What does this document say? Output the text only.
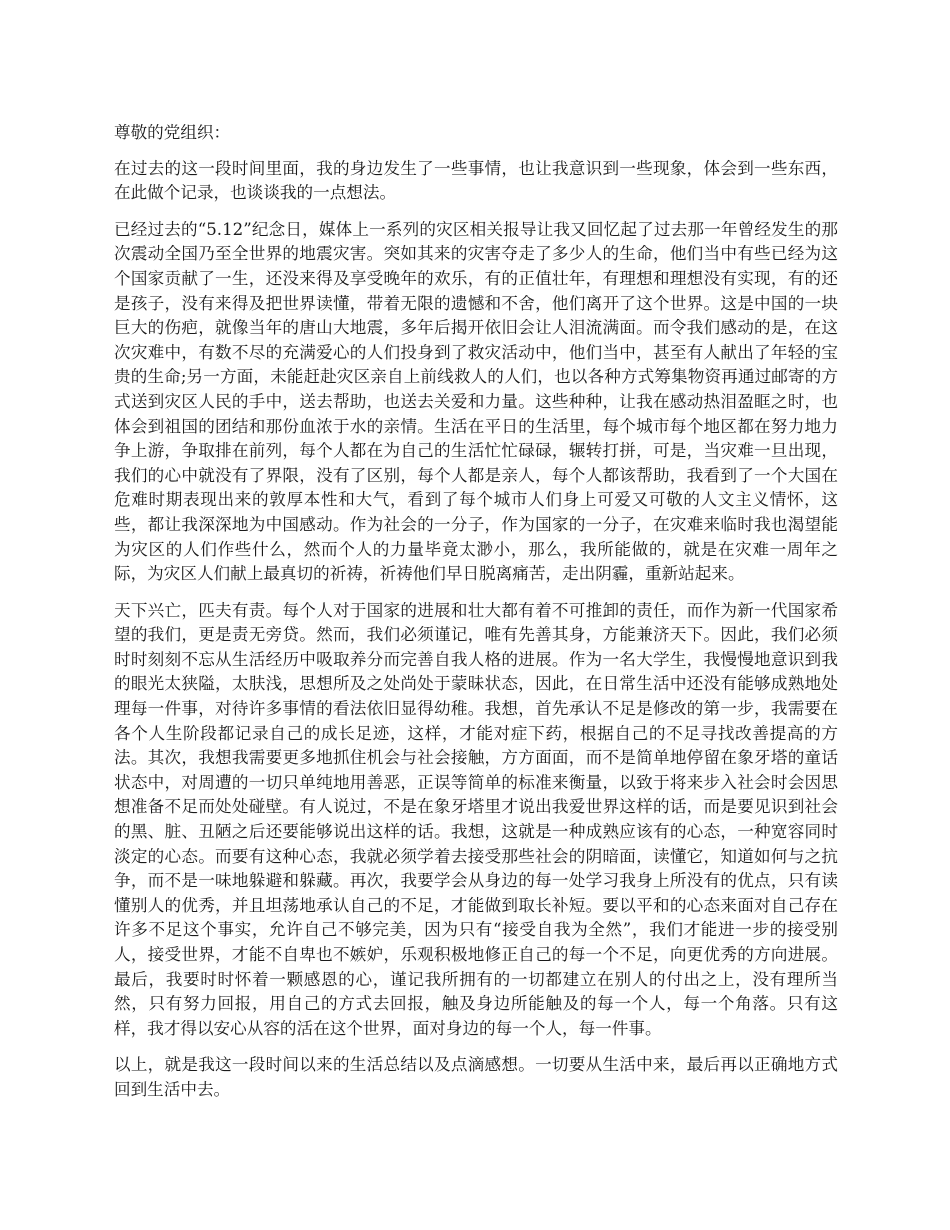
尊敬的党组织：

在过去的这一段时间里面，我的身边发生了一些事情，也让我意识到一些现象，体会到一些东西，在此做个记录，也谈谈我的一点想法。

已经过去的“5.12”纪念日，媒体上一系列的灾区相关报导让我又回忆起了过去那一年曾经发生的那次震动全国乃至全世界的地震灾害。突如其来的灾害夺走了多少人的生命，他们当中有些已经为这个国家贡献了一生，还没来得及享受晚年的欢乐，有的正值壮年，有理想和理想没有实现，有的还是孩子，没有来得及把世界读懂，带着无限的遗憾和不舍，他们离开了这个世界。这是中国的一块巨大的伤疤，就像当年的唐山大地震，多年后揭开依旧会让人泪流满面。而令我们感动的是，在这次灾难中，有数不尽的充满爱心的人们投身到了救灾活动中，他们当中，甚至有人献出了年轻的宝贵的生命;另一方面，未能赶赴灾区亲自上前线救人的人们，也以各种方式筹集物资再通过邮寄的方式送到灾区人民的手中，送去帮助，也送去关爱和力量。这些种种，让我在感动热泪盈眶之时，也体会到祖国的团结和那份血浓于水的亲情。生活在平日的生活里，每个城市每个地区都在努力地力争上游，争取排在前列，每个人都在为自己的生活忙忙碌碌，辗转打拼，可是，当灾难一旦出现，我们的心中就没有了界限，没有了区别，每个人都是亲人，每个人都该帮助，我看到了一个大国在危难时期表现出来的敦厚本性和大气，看到了每个城市人们身上可爱又可敬的人文主义情怀，这些，都让我深深地为中国感动。作为社会的一分子，作为国家的一分子，在灾难来临时我也渴望能为灾区的人们作些什么，然而个人的力量毕竟太渺小，那么，我所能做的，就是在灾难一周年之际，为灾区人们献上最真切的祈祷，祈祷他们早日脱离痛苦，走出阴霾，重新站起来。

天下兴亡，匹夫有责。每个人对于国家的进展和壮大都有着不可推卸的责任，而作为新一代国家希望的我们，更是责无旁贷。然而，我们必须谨记，唯有先善其身，方能兼济天下。因此，我们必须时时刻刻不忘从生活经历中吸取养分而完善自我人格的进展。作为一名大学生，我慢慢地意识到我的眼光太狭隘，太肤浅，思想所及之处尚处于蒙昧状态，因此，在日常生活中还没有能够成熟地处理每一件事，对待许多事情的看法依旧显得幼稚。我想，首先承认不足是修改的第一步，我需要在各个人生阶段都记录自己的成长足迹，这样，才能对症下药，根据自己的不足寻找改善提高的方法。其次，我想我需要更多地抓住机会与社会接触，方方面面，而不是简单地停留在象牙塔的童话状态中，对周遭的一切只单纯地用善恶，正误等简单的标准来衡量，以致于将来步入社会时会因思想准备不足而处处碰壁。有人说过，不是在象牙塔里才说出我爱世界这样的话，而是要见识到社会的黑、脏、丑陋之后还要能够说出这样的话。我想，这就是一种成熟应该有的心态，一种宽容同时淡定的心态。而要有这种心态，我就必须学着去接受那些社会的阴暗面，读懂它，知道如何与之抗争，而不是一味地躲避和躲藏。再次，我要学会从身边的每一处学习我身上所没有的优点，只有读懂别人的优秀，并且坦荡地承认自己的不足，才能做到取长补短。要以平和的心态来面对自己存在许多不足这个事实，允许自己不够完美，因为只有“接受自我为全然”，我们才能进一步的接受别人，接受世界，才能不自卑也不嫉妒，乐观积极地修正自己的每一个不足，向更优秀的方向进展。最后，我要时时怀着一颗感恩的心，谨记我所拥有的一切都建立在别人的付出之上，没有理所当然，只有努力回报，用自己的方式去回报，触及身边所能触及的每一个人，每一个角落。只有这样，我才得以安心从容的活在这个世界，面对身边的每一个人，每一件事。

以上，就是我这一段时间以来的生活总结以及点滴感想。一切要从生活中来，最后再以正确地方式回到生活中去。
